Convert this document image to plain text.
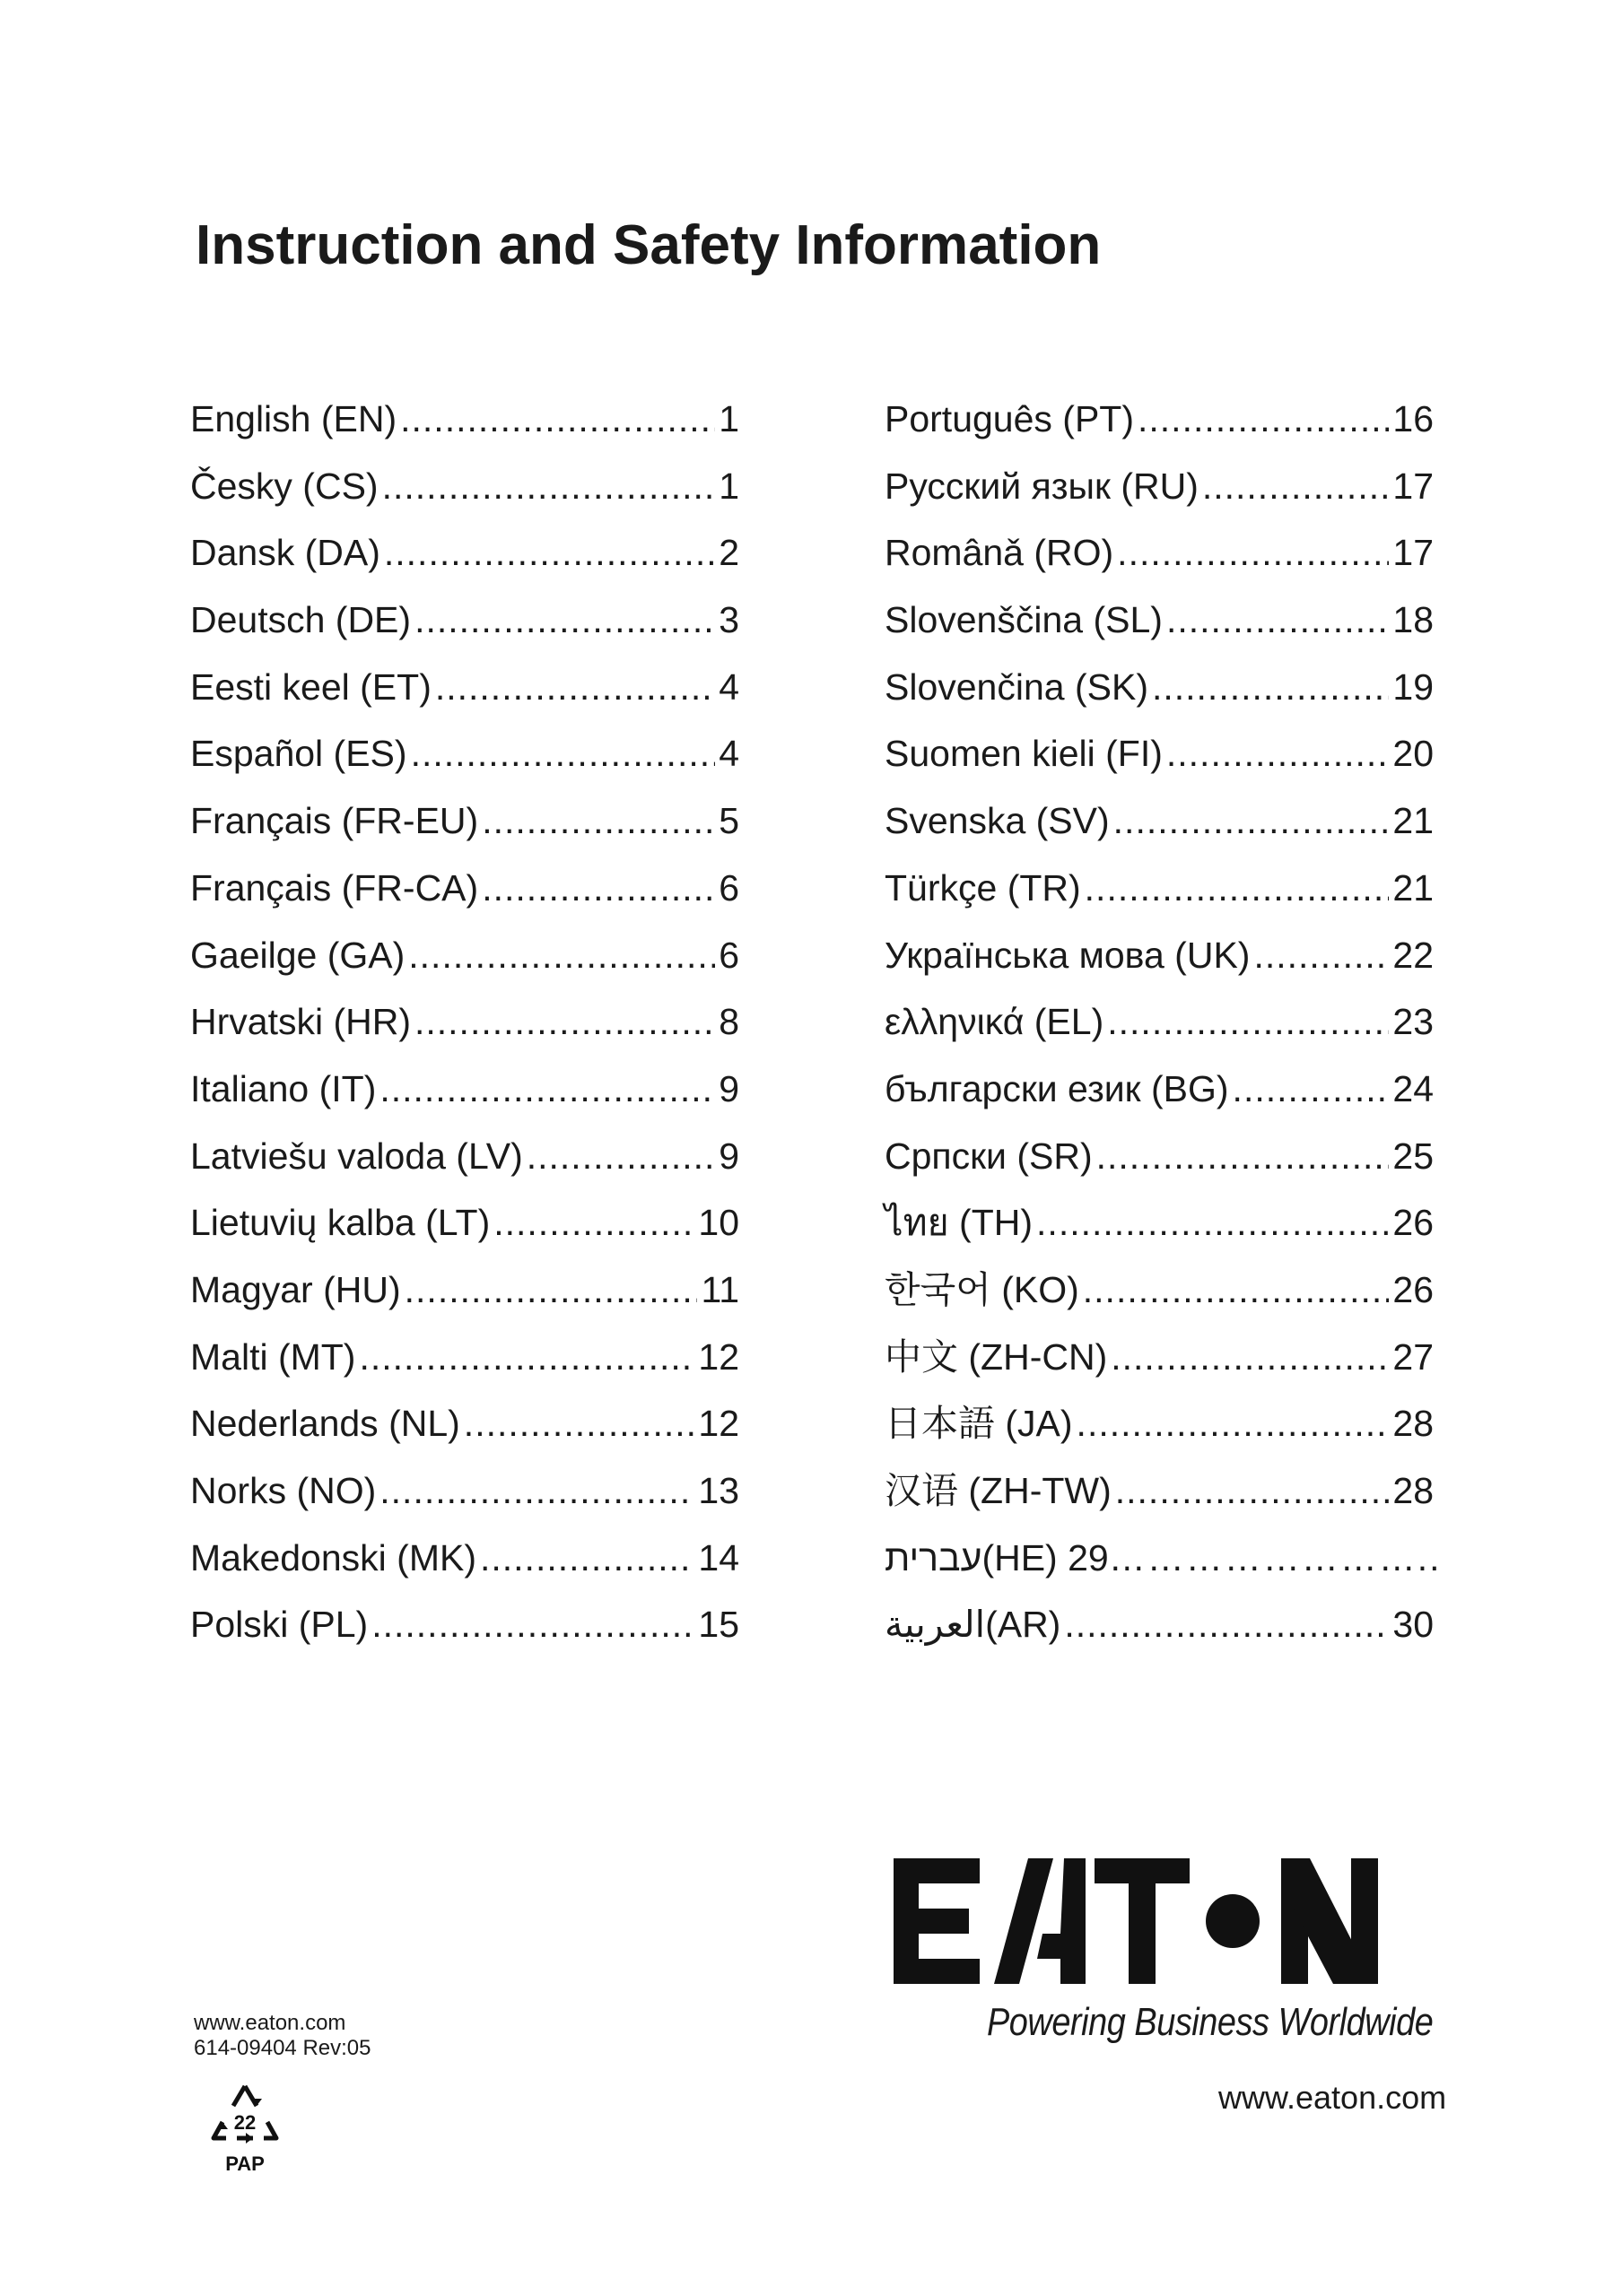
Instruction and Safety Information
English (EN) .....	1
Česky (CS) .....	1
Dansk (DA) .....	2
Deutsch (DE) .....	3
Eesti keel (ET) .....	4
Español (ES) .....	4
Français (FR-EU) .....	5
Français (FR-CA) .....	6
Gaeilge (GA) .....	6
Hrvatski (HR) .....	8
Italiano (IT) .....	9
Latviešu valoda (LV) .....	9
Lietuvių kalba (LT) .....	10
Magyar (HU) .....	11
Malti (MT) .....	12
Nederlands (NL) .....	12
Norks (NO) .....	13
Makedonski (MK) .....	14
Polski (PL) .....	15
Português (PT) .....	16
Русский язык (RU) .....	17
Românǎ (RO) .....	17
Slovenščina (SL) .....	18
Slovenčina (SK) .....	19
Suomen kieli (FI) .....	20
Svenska (SV) .....	21
Türkçe (TR) .....	21
Українська мова (UK) .....	22
ελληνικά (EL) .....	23
български език (BG) .....	24
Српски (SR) .....	25
ไทย (TH) .....	26
한국어 (KO) .....	26
中文 (ZH-CN) .....	27
日本語 (JA) .....	28
汉语 (ZH-TW) .....	28
עברית(HE) 29 ……………………..
العربية(AR) .....	30
Powering Business Worldwide
www.eaton.com
www.eaton.com
614-09404 Rev:05
22
PAP
